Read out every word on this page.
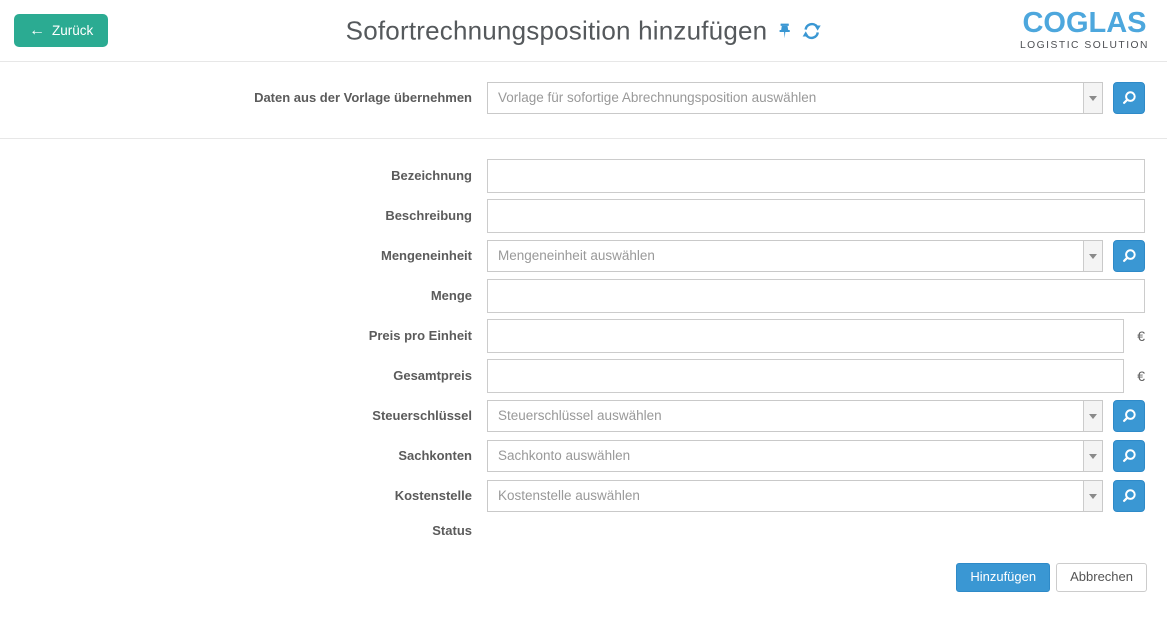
← Zurück	Sofortrechnungsposition hinzufügen	COGLAS
LOGISTIC SOLUTION
Daten aus der Vorlage übernehmen	Vorlage für sofortige Abrechnungsposition auswählen
Bezeichnung
Beschreibung
Mengeneinheit	Mengeneinheit auswählen
Menge
Preis pro Einheit	€
Gesamtpreis	€
Steuerschlüssel	Steuerschlüssel auswählen
Sachkonten	Sachkonto auswählen
Kostenstelle	Kostenstelle auswählen
Status
Hinzufügen	Abbrechen
